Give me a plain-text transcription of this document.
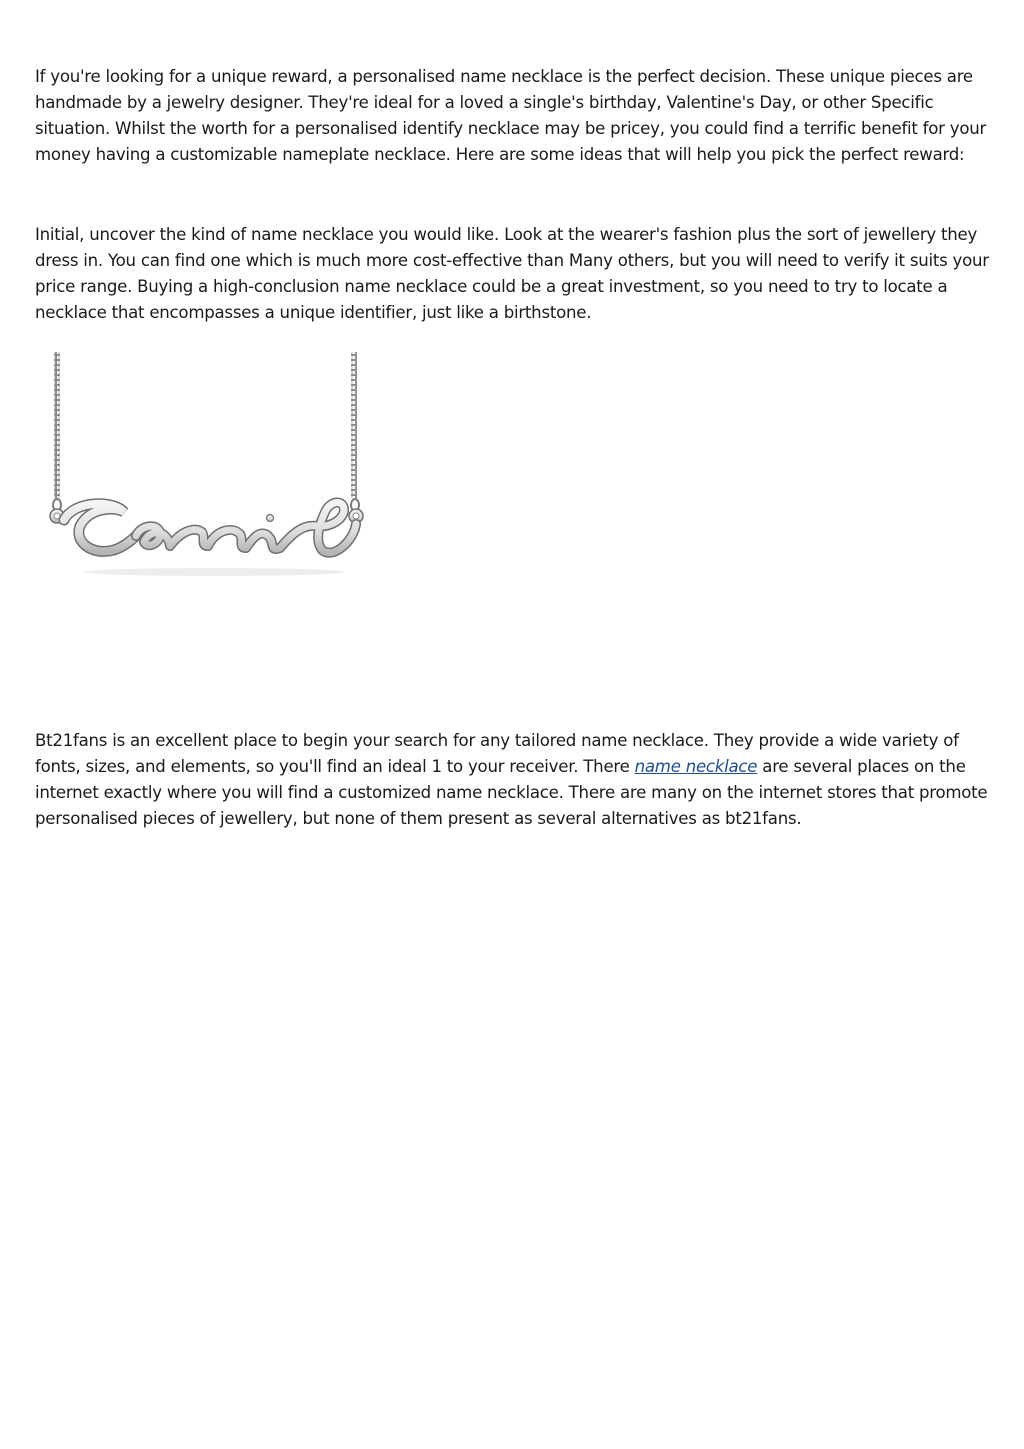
If you're looking for a unique reward, a personalised name necklace is the perfect decision. These unique pieces are handmade by a jewelry designer. They're ideal for a loved a single's birthday, Valentine's Day, or other Specific situation. Whilst the worth for a personalised identify necklace may be pricey, you could find a terrific benefit for your money having a customizable nameplate necklace. Here are some ideas that will help you pick the perfect reward:

Initial, uncover the kind of name necklace you would like. Look at the wearer's fashion plus the sort of jewellery they dress in. You can find one which is much more cost-effective than Many others, but you will need to verify it suits your price range. Buying a high-conclusion name necklace could be a great investment, so you need to try to locate a necklace that encompasses a unique identifier, just like a birthstone.

Bt21fans is an excellent place to begin your search for any tailored name necklace. They provide a wide variety of fonts, sizes, and elements, so you'll find an ideal 1 to your receiver. There name necklace are several places on the internet exactly where you will find a customized name necklace. There are many on the internet stores that promote personalised pieces of jewellery, but none of them present as several alternatives as bt21fans.
